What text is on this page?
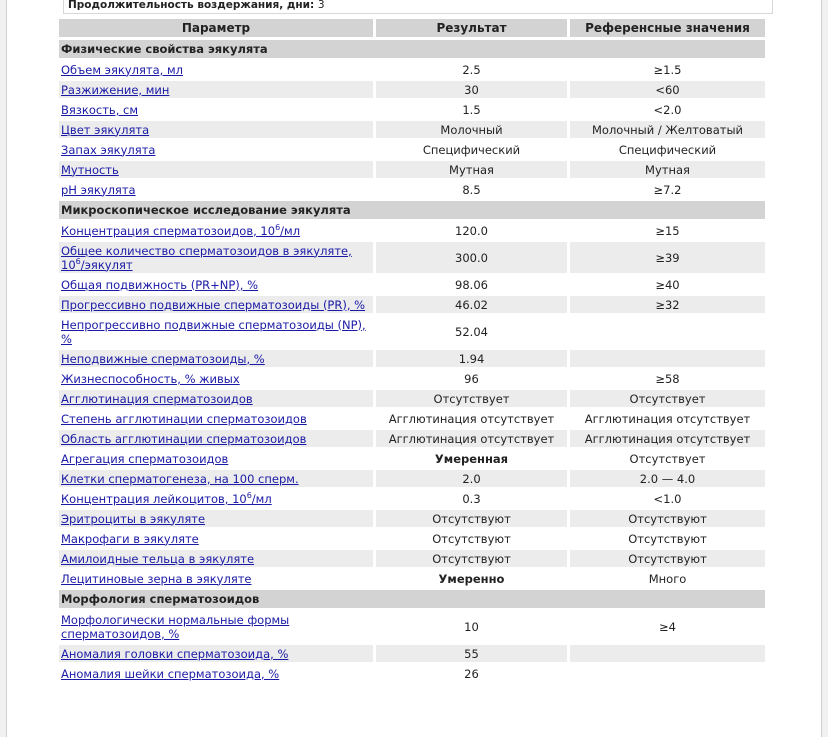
Продолжительность воздержания, дни: 3
Параметр	Результат	Референсные значения
Физические свойства эякулята		
Объем эякулята, мл	2.5	≥1.5
Разжижение, мин	30	<60
Вязкость, см	1.5	<2.0
Цвет эякулята	Молочный	Молочный / Желтоватый
Запах эякулята	Специфический	Специфический
Мутность	Мутная	Мутная
pH эякулята	8.5	≥7.2
Микроскопическое исследование эякулята		
Концентрация сперматозоидов, $10^6/мл$	120.0	≥15
Общее количество сперматозоидов в эякуляте, $10^6$/эякулят	300.0	≥39
Общая подвижность (PR+NP), %	98.06	≥40
Прогрессивно подвижные сперматозоиды (PR), %	46.02	≥32
Непрогрессивно подвижные сперматозоиды (NP), %	52.04	
Неподвижные сперматозоиды, %	1.94	
Жизнеспособность, % живых	96	≥58
Агглютинация сперматозоидов	Отсутствует	Отсутствует
Степень агглютинации сперматозоидов	Агглютинация отсутствует	Агглютинация отсутствует
Область агглютинации сперматозоидов	Агглютинация отсутствует	Агглютинация отсутствует
Агрегация сперматозоидов	Умеренная	Отсутствует
Клетки сперматогенеза, на 100 сперм.	2.0	2.0 — 4.0
Концентрация лейкоцитов, $10^6/мл$	0.3	<1.0
Эритроциты в эякуляте	Отсутствуют	Отсутствуют
Макрофаги в эякуляте	Отсутствуют	Отсутствуют
Амилоидные тельца в эякуляте	Отсутствуют	Отсутствуют
Лецитиновые зерна в эякуляте	Умеренно	Много
Морфология сперматозоидов		
Морфологически нормальные формы сперматозоидов, %	10	≥4
Аномалия головки сперматозоида, %	55	
Аномалия шейки сперматозоида, %	26	
